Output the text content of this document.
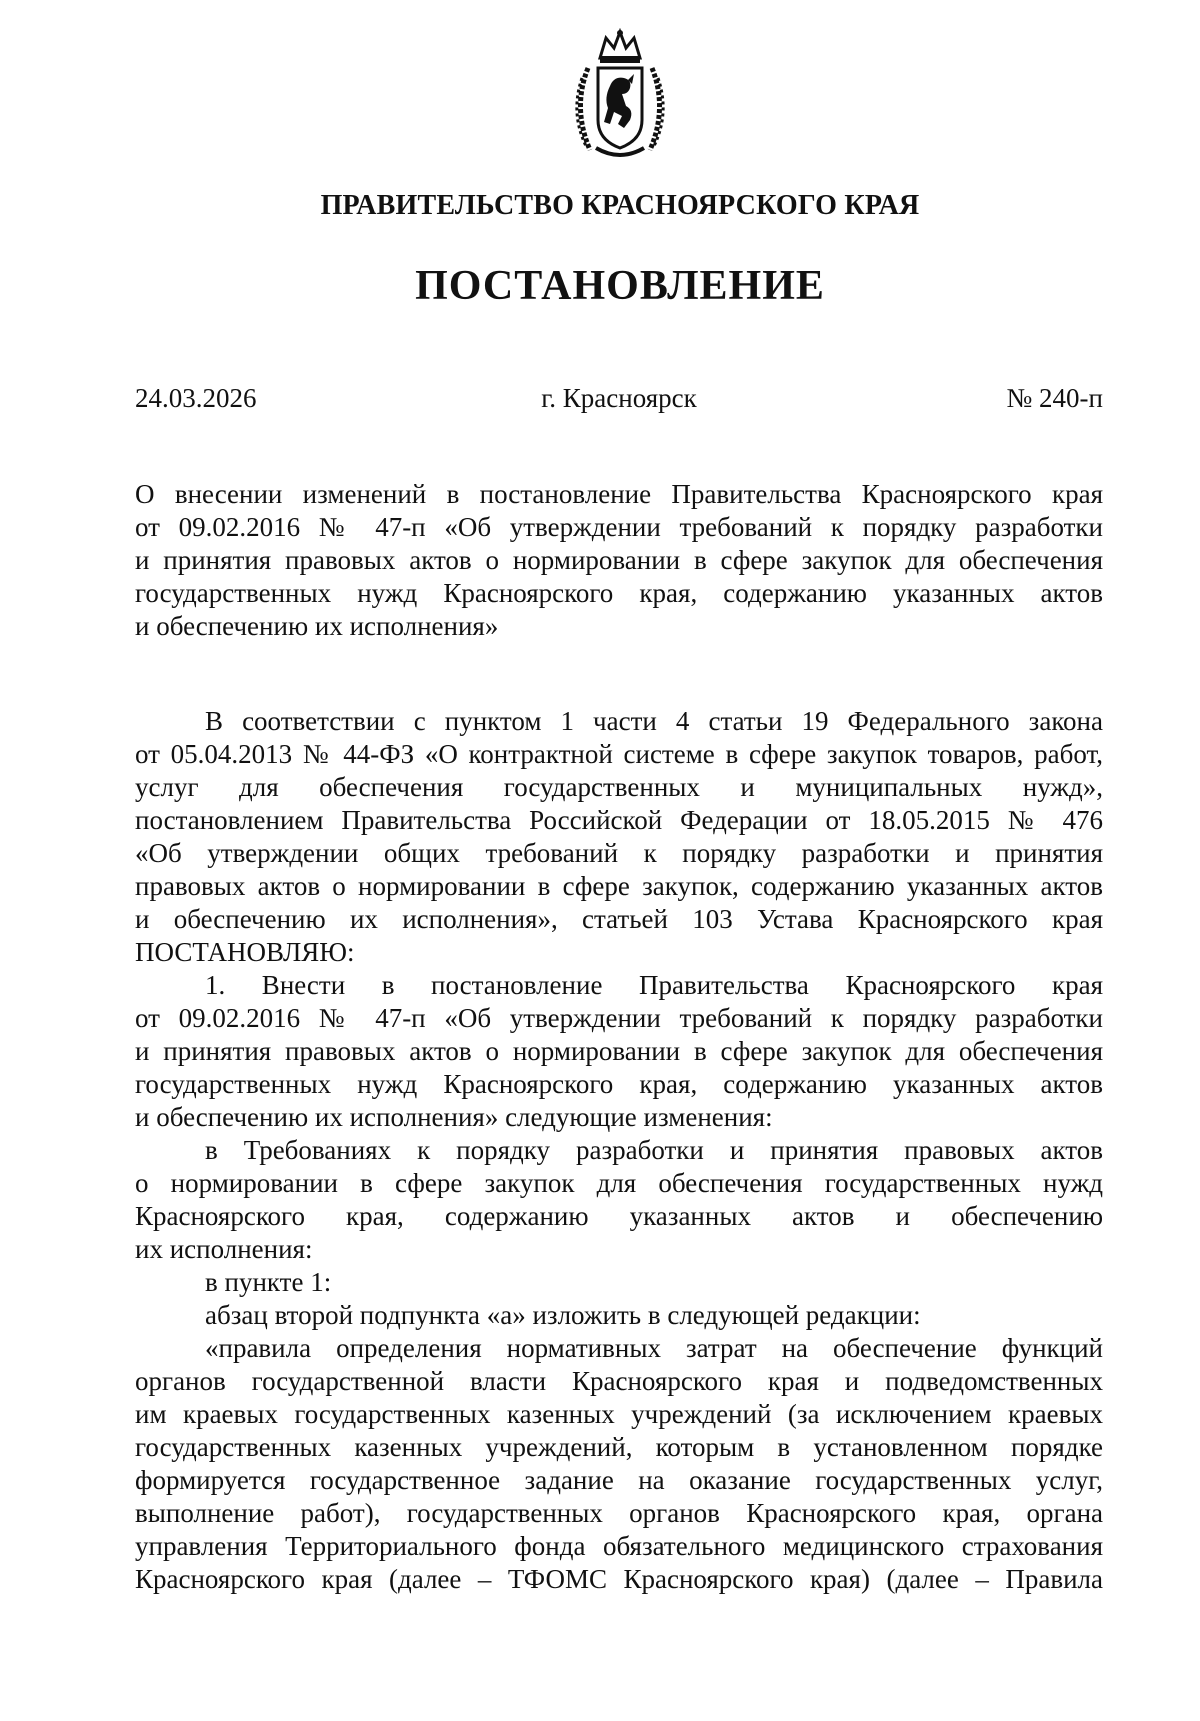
ПРАВИТЕЛЬСТВО КРАСНОЯРСКОГО КРАЯ
ПОСТАНОВЛЕНИЕ
г. Красноярск
24.03.2026	№ 240-п
О внесении изменений в постановление Правительства Красноярского края
от 09.02.2016 № 47-п «Об утверждении требований к порядку разработки
и принятия правовых актов о нормировании в сфере закупок для обеспечения
государственных нужд Красноярского края, содержанию указанных актов
и обеспечению их исполнения»
В соответствии с пунктом 1 части 4 статьи 19 Федерального закона
от 05.04.2013 № 44-ФЗ «О контрактной системе в сфере закупок товаров, работ,
услуг для обеспечения государственных и муниципальных нужд»,
постановлением Правительства Российской Федерации от 18.05.2015 № 476
«Об утверждении общих требований к порядку разработки и принятия
правовых актов о нормировании в сфере закупок, содержанию указанных актов
и обеспечению их исполнения», статьей 103 Устава Красноярского края
ПОСТАНОВЛЯЮ:
1. Внести в постановление Правительства Красноярского края
от 09.02.2016 № 47-п «Об утверждении требований к порядку разработки
и принятия правовых актов о нормировании в сфере закупок для обеспечения
государственных нужд Красноярского края, содержанию указанных актов
и обеспечению их исполнения» следующие изменения:
в Требованиях к порядку разработки и принятия правовых актов
о нормировании в сфере закупок для обеспечения государственных нужд
Красноярского края, содержанию указанных актов и обеспечению
их исполнения:
в пункте 1:
абзац второй подпункта «а» изложить в следующей редакции:
«правила определения нормативных затрат на обеспечение функций
органов государственной власти Красноярского края и подведомственных
им краевых государственных казенных учреждений (за исключением краевых
государственных казенных учреждений, которым в установленном порядке
формируется государственное задание на оказание государственных услуг,
выполнение работ), государственных органов Красноярского края, органа
управления Территориального фонда обязательного медицинского страхования
Красноярского края (далее – ТФОМС Красноярского края) (далее – Правила
